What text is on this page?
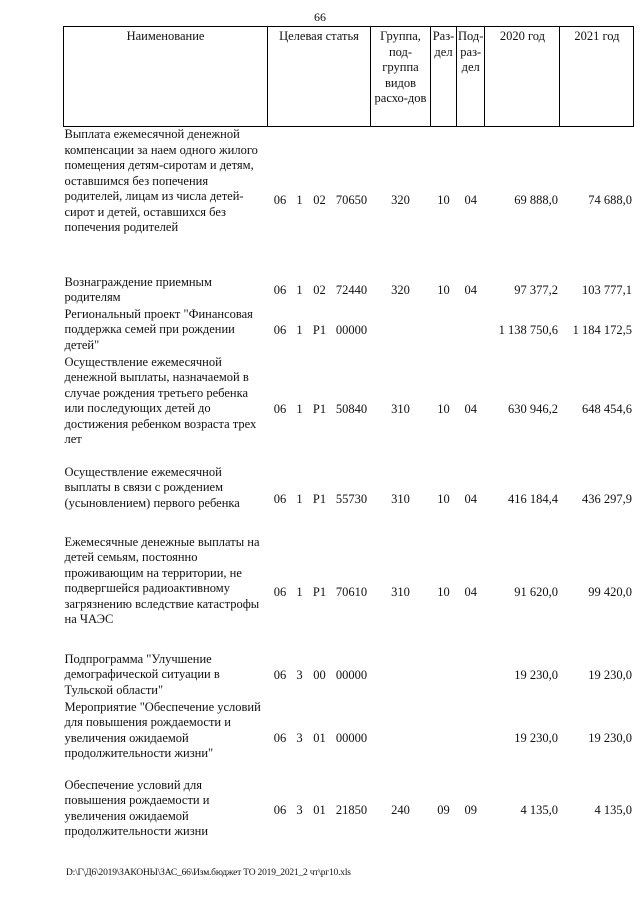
66
Наименование	Целевая статья				Группа, под-группа видов расхо-дов	Раз-дел	Под-раз-дел	2020 год	2021 год
Выплата ежемесячной денежной компенсации за наем одного жилого помещения детям-сиротам и детям, оставшимся без попечения родителей, лицам из числа детей-сирот и детей, оставшихся без попечения родителей	06	1	02	70650	320	10	04	69 888,0	74 688,0
Вознаграждение приемным родителям	06	1	02	72440	320	10	04	97 377,2	103 777,1
Региональный проект "Финансовая поддержка семей при рождении детей"	06	1	P1	00000				1 138 750,6	1 184 172,5
Осуществление ежемесячной денежной выплаты, назначаемой в случае рождения третьего ребенка или последующих детей до достижения ребенком возраста трех лет	06	1	P1	50840	310	10	04	630 946,2	648 454,6
Осуществление ежемесячной выплаты в связи с рождением (усыновлением) первого ребенка	06	1	P1	55730	310	10	04	416 184,4	436 297,9
Ежемесячные денежные выплаты на детей семьям, постоянно проживающим на территории, не подвергшейся радиоактивному загрязнению вследствие катастрофы на ЧАЭС	06	1	P1	70610	310	10	04	91 620,0	99 420,0
Подпрограмма "Улучшение демографической ситуации в Тульской области"	06	3	00	00000				19 230,0	19 230,0
Мероприятие "Обеспечение условий для повышения рождаемости и увеличения ожидаемой продолжительности жизни"	06	3	01	00000				19 230,0	19 230,0
Обеспечение условий для повышения рождаемости и увеличения ожидаемой продолжительности жизни	06	3	01	21850	240	09	09	4 135,0	4 135,0
D:\Г\Д6\2019\ЗАКОНЫ\ЗАС_66\Изм.бюджет ТО 2019_2021_2 чт\рг10.xls
